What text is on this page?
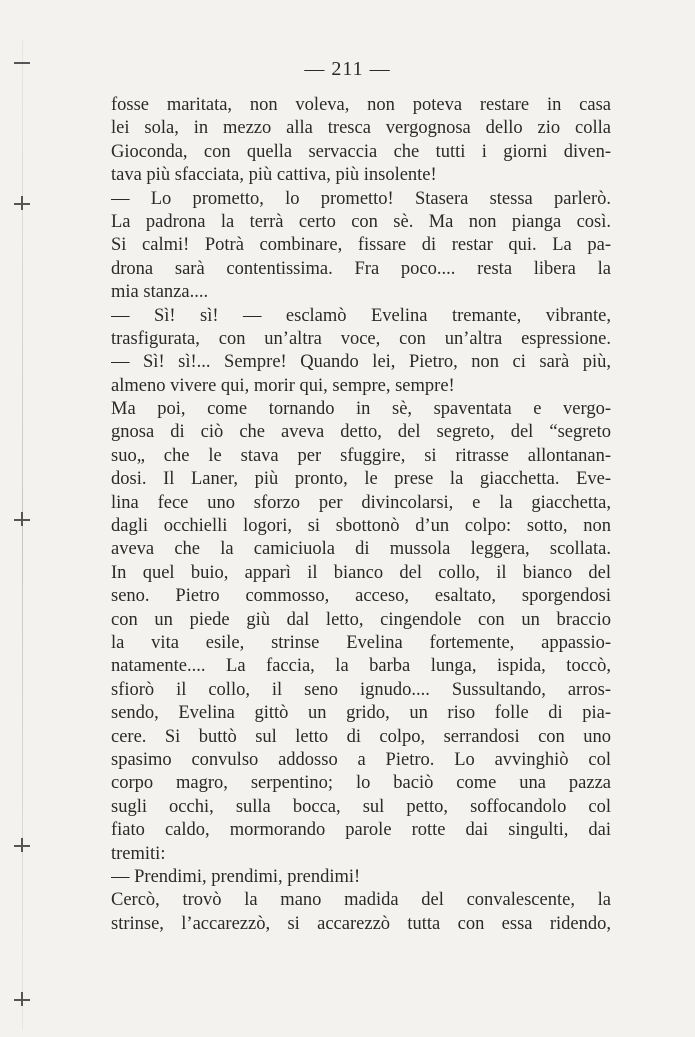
— 211 —
fosse maritata, non voleva, non poteva restare in casa
lei sola, in mezzo alla tresca vergognosa dello zio colla
Gioconda, con quella servaccia che tutti i giorni diven-
tava più sfacciata, più cattiva, più insolente!
— Lo prometto, lo prometto! Stasera stessa parlerò.
La padrona la terrà certo con sè. Ma non pianga così.
Si calmi! Potrà combinare, fissare di restar qui. La pa-
drona sarà contentissima. Fra poco.... resta libera la
mia stanza....
— Sì! sì! — esclamò Evelina tremante, vibrante,
trasfigurata, con un’altra voce, con un’altra espressione.
— Sì! sì!... Sempre! Quando lei, Pietro, non ci sarà più,
almeno vivere qui, morir qui, sempre, sempre!
Ma poi, come tornando in sè, spaventata e vergo-
gnosa di ciò che aveva detto, del segreto, del “segreto
suo„ che le stava per sfuggire, si ritrasse allontanan-
dosi. Il Laner, più pronto, le prese la giacchetta. Eve-
lina fece uno sforzo per divincolarsi, e la giacchetta,
dagli occhielli logori, si sbottonò d’un colpo: sotto, non
aveva che la camiciuola di mussola leggera, scollata.
In quel buio, apparì il bianco del collo, il bianco del
seno. Pietro commosso, acceso, esaltato, sporgendosi
con un piede giù dal letto, cingendole con un braccio
la vita esile, strinse Evelina fortemente, appassio-
natamente.... La faccia, la barba lunga, ispida, toccò,
sfiorò il collo, il seno ignudo.... Sussultando, arros-
sendo, Evelina gittò un grido, un riso folle di pia-
cere. Si buttò sul letto di colpo, serrandosi con uno
spasimo convulso addosso a Pietro. Lo avvinghiò col
corpo magro, serpentino; lo baciò come una pazza
sugli occhi, sulla bocca, sul petto, soffocandolo col
fiato caldo, mormorando parole rotte dai singulti, dai
tremiti:
— Prendimi, prendimi, prendimi!
Cercò, trovò la mano madida del convalescente, la
strinse, l’accarezzò, si accarezzò tutta con essa ridendo,
